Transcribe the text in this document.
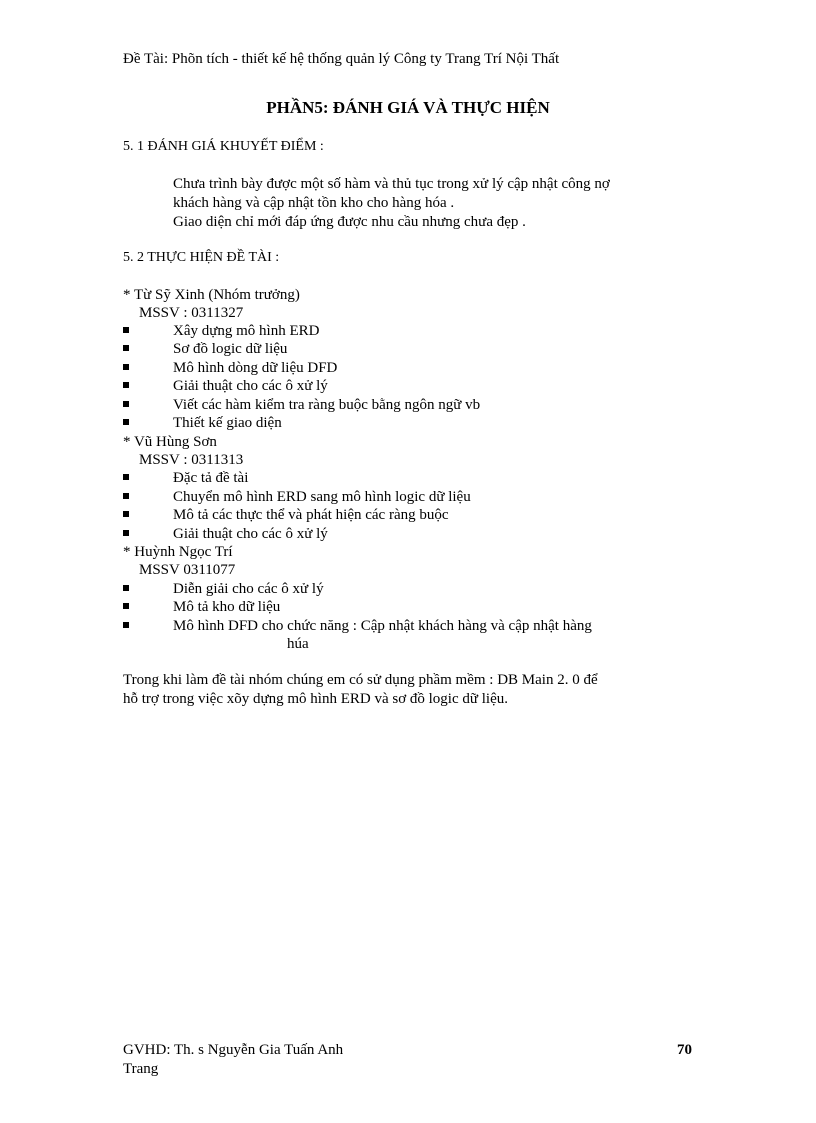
Đề Tài: Phõn tích - thiết kế hệ thống quản lý Công ty Trang Trí Nội Thất
PHẦN5: ĐÁNH GIÁ VÀ THỰC HIỆN
5. 1 ĐÁNH GIÁ KHUYẾT ĐIỂM :
Chưa trình bày được một số hàm và thủ tục trong xử lý cập nhật công nợ
khách hàng và cập nhật tồn kho cho hàng hóa .
Giao diện chỉ mới đáp ứng được nhu cầu nhưng chưa đẹp .
5. 2 THỰC HIỆN ĐỀ TÀI :
* Từ Sỹ Xinh (Nhóm trưởng)
MSSV : 0311327
Xây dựng mô hình ERD
Sơ đồ logic dữ liệu
Mô hình dòng dữ liệu DFD
Giải thuật cho các ô xử lý
Viết các hàm kiểm tra ràng buộc bằng ngôn ngữ vb
Thiết kế giao diện
* Vũ Hùng Sơn
MSSV : 0311313
Đặc tả đề tài
Chuyển mô hình ERD sang mô hình logic dữ liệu
Mô tả các thực thể và phát hiện các ràng buộc
Giải thuật cho các ô xử lý
* Huỳnh Ngọc Trí
MSSV 0311077
Diễn giải cho các ô xử lý
Mô tả kho dữ liệu
Mô hình DFD cho chức năng : Cập nhật khách hàng và cập nhật hàng
húa
Trong khi làm đề tài nhóm chúng em có sử dụng phầm mềm : DB Main 2. 0 để
hỗ trợ trong việc xõy dựng mô hình ERD và sơ đồ logic dữ liệu.
GVHD: Th. s Nguyễn Gia Tuấn Anh
Trang
70
